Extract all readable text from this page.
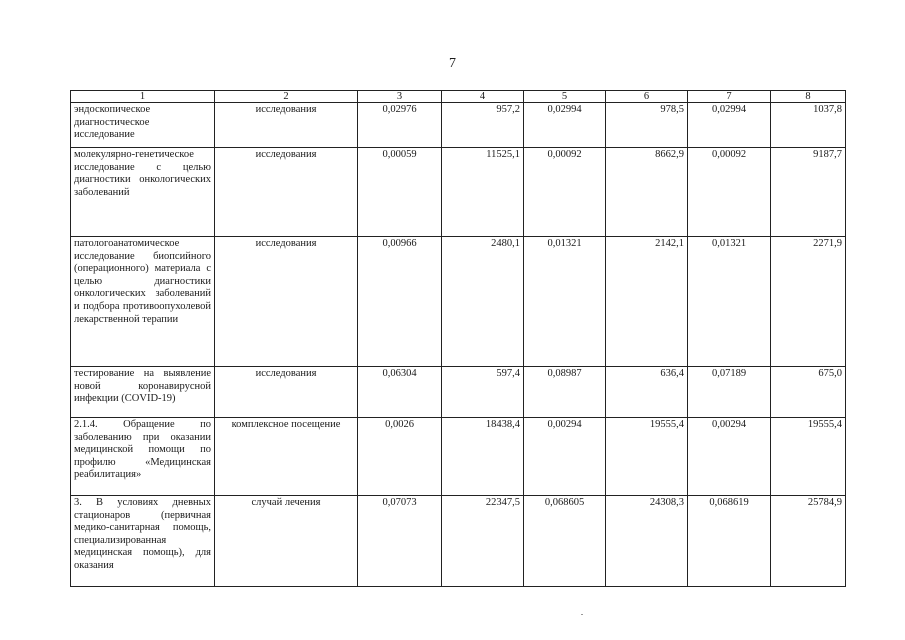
7
1	2	3	4	5	6	7	8
эндоскопическое диагностическое исследование	исследования	0,02976	957,2	0,02994	978,5	0,02994	1037,8
молекулярно-генетическое исследование с целью диагностики онкологических заболеваний	исследования	0,00059	11525,1	0,00092	8662,9	0,00092	9187,7
патологоанатомическое исследование биопсийного (операционного) материала с целью диагностики онкологических заболеваний и подбора противоопухолевой лекарственной терапии	исследования	0,00966	2480,1	0,01321	2142,1	0,01321	2271,9
тестирование на выявление новой коронавирусной инфекции (COVID-19)	исследования	0,06304	597,4	0,08987	636,4	0,07189	675,0
2.1.4. Обращение по заболеванию при оказании медицинской помощи по профилю «Медицинская реабилитация»	комплексное посещение	0,0026	18438,4	0,00294	19555,4	0,00294	19555,4
3. В условиях дневных стационаров (первичная медико-санитарная помощь, специализированная медицинская помощь), для оказания	случай лечения	0,07073	22347,5	0,068605	24308,3	0,068619	25784,9
